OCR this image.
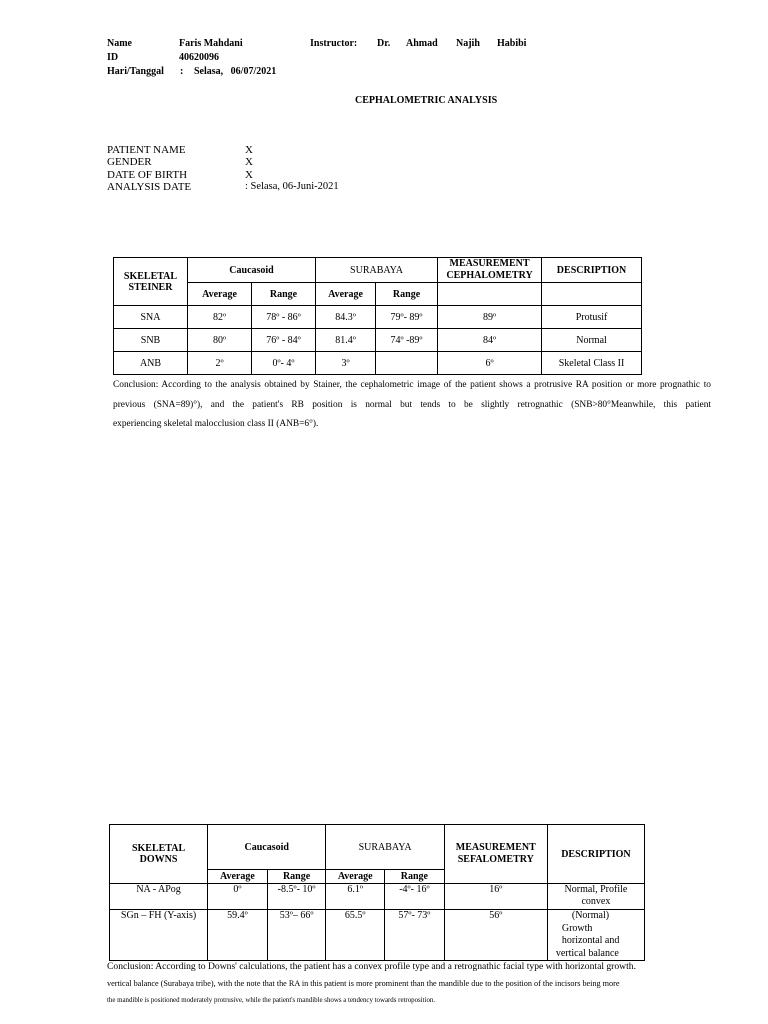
Name	Faris Mahdani	Instructor: Dr. Ahmad Najih Habibi
ID	40620096
Hari/Tanggal : Selasa,   06/07/2021
CEPHALOMETRIC ANALYSIS
PATIENT NAME	X
GENDER	X
DATE OF BIRTH	X
ANALYSIS DATE	: Selasa, 06-Juni-2021
SKELETAL
STEINER	Caucasoid		SURABAYA		MEASUREMENT
CEPHALOMETRY	DESCRIPTION
	Average	Range	Average	Range		
SNA	82º	78º - 86º	84.3º	79º- 89º	89º	Protusif
SNB	80º	76º - 84º	81.4º	74º -89º	84º	Normal
ANB	2º	0º- 4º	3º		6º	Skeletal Class II

Conclusion: According to the analysis obtained by Stainer, the cephalometric image of the patient shows a protrusive RA position or more prognathic to

previous (SNA=89)°), and the patient's RB position is normal but tends to be slightly retrognathic (SNB>80°Meanwhile, this patient

experiencing skeletal malocclusion class II (ANB=6°).

SKELETAL
DOWNS	Caucasoid		SURABAYA		MEASUREMENT
SEFALOMETRY	DESCRIPTION
	Average	Range	Average	Range		
NA - APog	0º	-8.5º- 10º	6.1º	-4º- 16º	16º	Normal, Profile
convex
SGn – FH (Y-axis)	59.4º	53º– 66º	65.5º	57º- 73º	56º	(Normal)
Growth
horizontal and
vertical balance
Conclusion: According to Downs' calculations, the patient has a convex profile type and a retrognathic facial type with horizontal growth.
vertical balance (Surabaya tribe), with the note that the RA in this patient is more prominent than the mandible due to the position of the incisors being more
the mandible is positioned moderately protrusive, while the patient's mandible shows a tendency towards retroposition.
